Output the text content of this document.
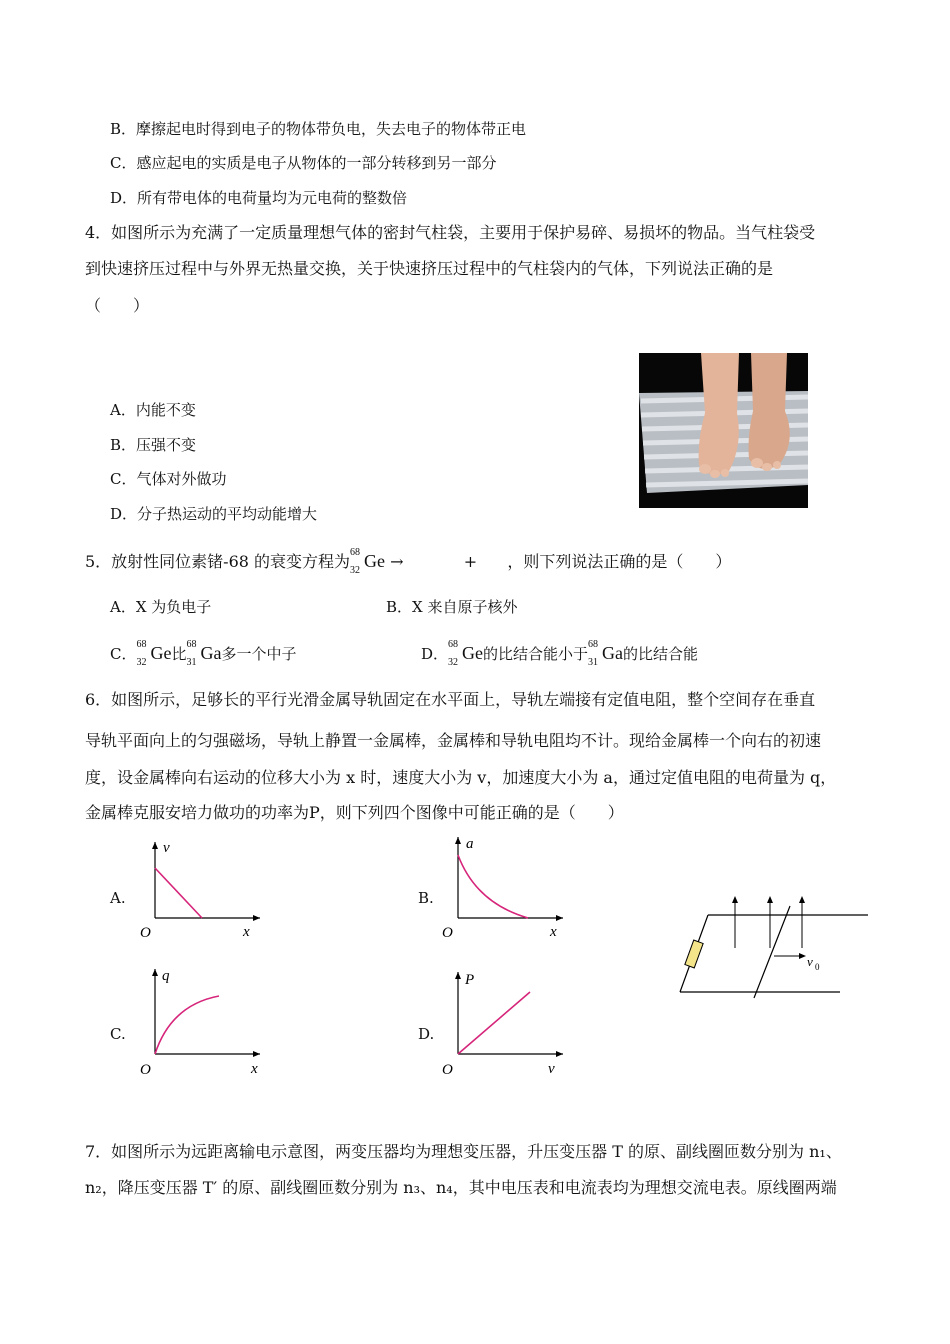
B．摩擦起电时得到电子的物体带负电，失去电子的物体带正电
C．感应起电的实质是电子从物体的一部分转移到另一部分
D．所有带电体的电荷量均为元电荷的整数倍
4．如图所示为充满了一定质量理想气体的密封气柱袋，主要用于保护易碎、易损坏的物品。当气柱袋受
到快速挤压过程中与外界无热量交换，关于快速挤压过程中的气柱袋内的气体，下列说法正确的是
（　　）
A．内能不变
B．压强不变
C．气体对外做功
D．分子热运动的平均动能增大
5．放射性同位素锗-68 的衰变方程为 68
32 Ge →	+ ，则下列说法正确的是（　　）
A．X 为负电子	B．X 来自原子核外
C．
68
32 Ge比
68
31 Ga多一个中子	D．
68
32 Ge的比结合能小于
68
31 Ga的比结合能
6．如图所示，足够长的平行光滑金属导轨固定在水平面上，导轨左端接有定值电阻，整个空间存在垂直
导轨平面向上的匀强磁场，导轨上静置一金属棒，金属棒和导轨电阻均不计。现给金属棒一个向右的初速
度，设金属棒向右运动的位移大小为 x 时，速度大小为 v，加速度大小为 a，通过定值电阻的电荷量为 q，
金属棒克服安培力做功的功率为P，则下列四个图像中可能正确的是（　　）
A.
v
x
O
B.
a
x
O
v 0
C.
q
x
O
D.
P
v
O
7．如图所示为远距离输电示意图，两变压器均为理想变压器，升压变压器 T 的原、副线圈匝数分别为 n₁、
n₂，降压变压器 T′ 的原、副线圈匝数分别为 n₃、n₄，其中电压表和电流表均为理想交流电表。原线圈两端
